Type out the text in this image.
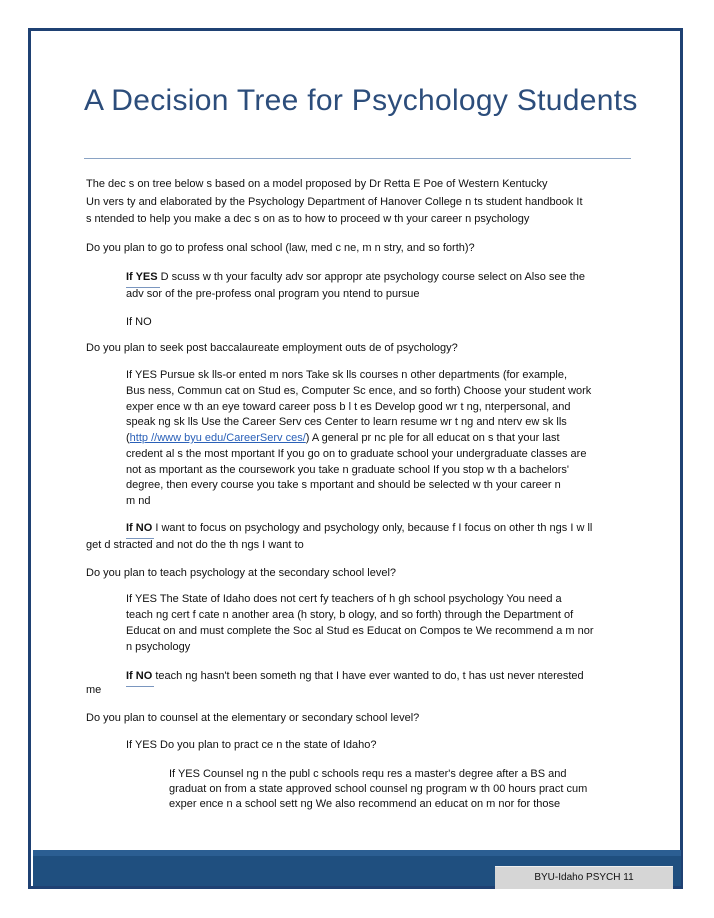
A Decision Tree for Psychology Students

The dec s on tree below s based on a model proposed by Dr Retta E Poe of Western Kentucky

Un vers ty and elaborated by the Psychology Department of Hanover College n ts student handbook It

s ntended to help you make a dec s on as to how to proceed w th your career n psychology

Do you plan to go to profess onal school (law, med c ne, m n stry, and so forth)?

If YES D scuss w th your faculty adv sor appropr ate psychology course select on Also see the

adv sor of the pre-profess onal program you ntend to pursue

If NO

Do you plan to seek post baccalaureate employment outs de of psychology?

If YES Pursue sk lls-or ented m nors Take sk lls courses n other departments (for example,

Bus ness, Commun cat on Stud es, Computer Sc ence, and so forth) Choose your student work

exper ence w th an eye toward career poss b l t es Develop good wr t ng, nterpersonal, and

speak ng sk lls Use the Career Serv ces Center to learn resume wr t ng and nterv ew sk lls

(http //www byu edu/CareerServ ces/) A general pr nc ple for all educat on s that your last

credent al s the most mportant If you go on to graduate school your undergraduate classes are

not as mportant as the coursework you take n graduate school If you stop w th a bachelors'

degree, then every course you take s mportant and should be selected w th your career n

m nd

If NO I want to focus on psychology and psychology only, because f I focus on other th ngs I w ll

get d stracted and not do the th ngs I want to

Do you plan to teach psychology at the secondary school level?

If YES The State of Idaho does not cert fy teachers of h gh school psychology You need a

teach ng cert f cate n another area (h story, b ology, and so forth) through the Department of

Educat on and must complete the Soc al Stud es Educat on Compos te We recommend a m nor

n psychology

If NO teach ng hasn't been someth ng that I have ever wanted to do, t has ust never nterested

me

Do you plan to counsel at the elementary or secondary school level?

If YES Do you plan to pract ce n the state of Idaho?

If YES Counsel ng n the publ c schools requ res a master's degree after a BS and

graduat on from a state approved school counsel ng program w th 00 hours pract cum

exper ence n a school sett ng We also recommend an educat on m nor for those

BYU-Idaho PSYCH 11
